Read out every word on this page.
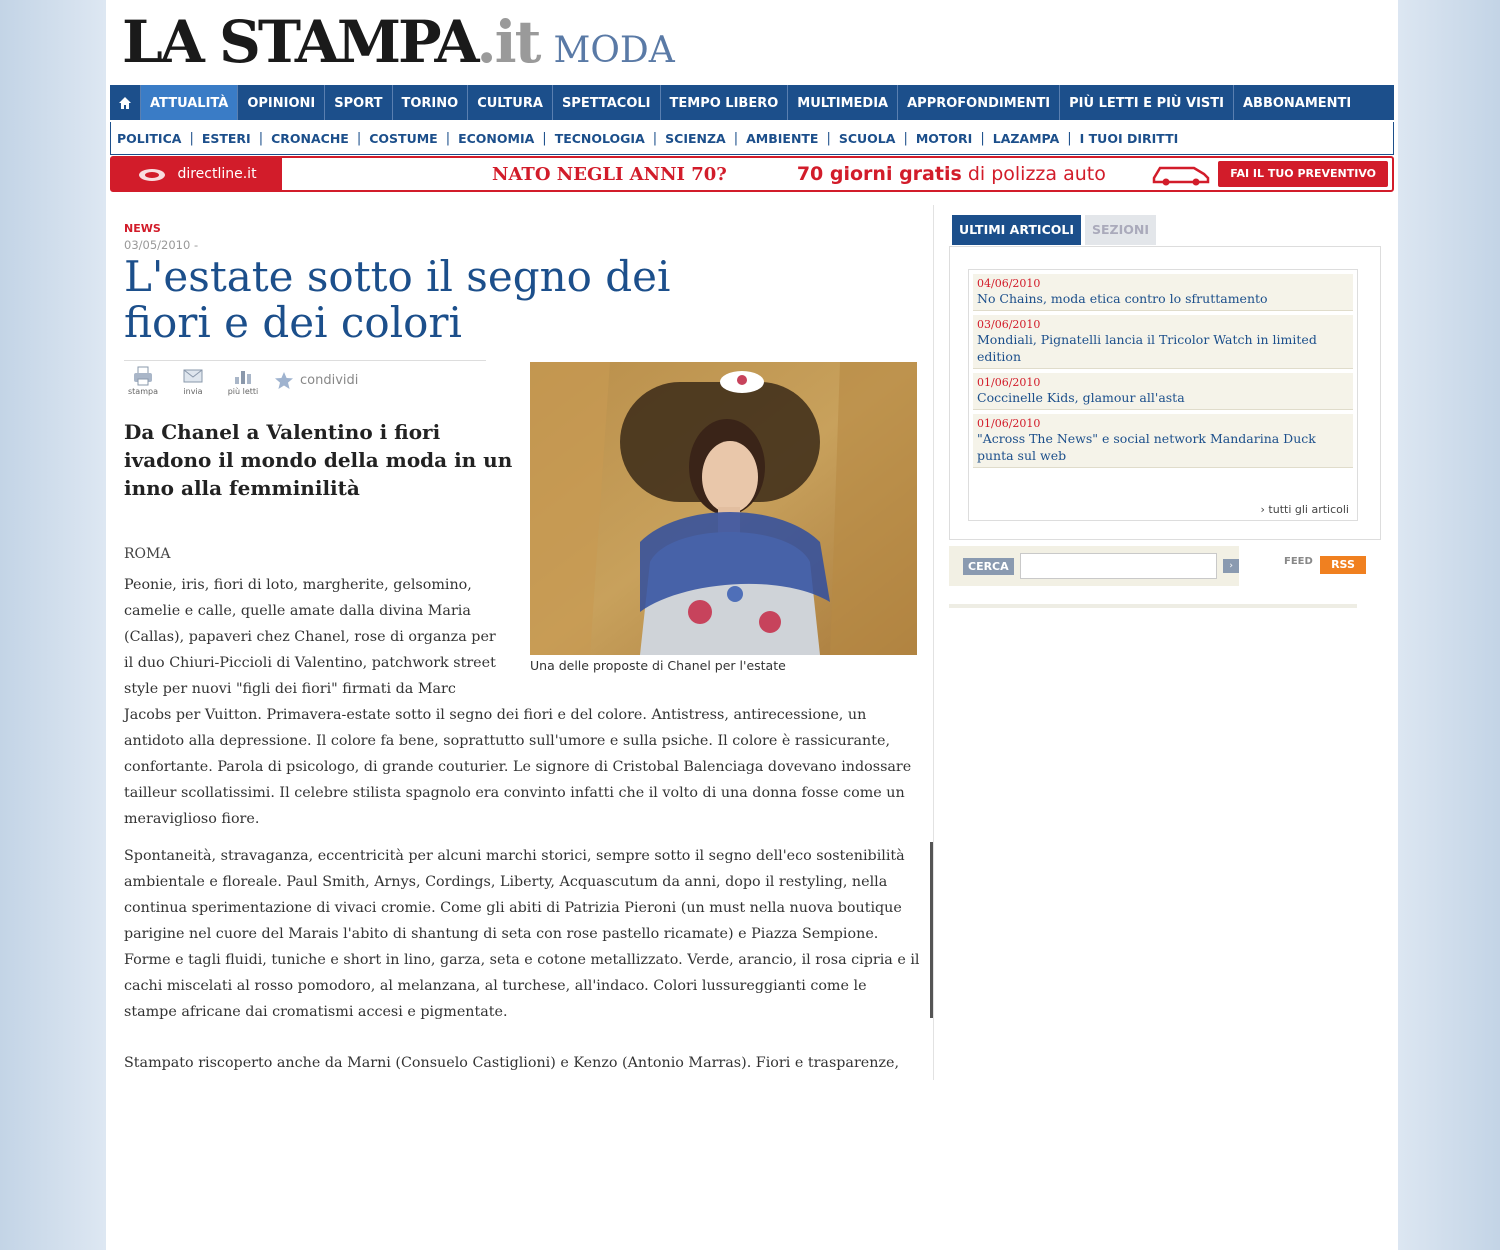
LA STAMPA.it MODA
ATTUALITÀ	OPINIONI	SPORT	TORINO	CULTURA	SPETTACOLI	TEMPO LIBERO	MULTIMEDIA	APPROFONDIMENTI	PIÙ LETTI E PIÙ VISTI	ABBONAMENTI
POLITICA | ESTERI | CRONACHE | COSTUME | ECONOMIA | TECNOLOGIA | SCIENZA | AMBIENTE | SCUOLA | MOTORI | LAZAMPA | I TUOI DIRITTI
directline.it	NATO NEGLI ANNI 70?	70 giorni gratis di polizza auto	FAI IL TUO PREVENTIVO
NEWS
03/05/2010 -
L'estate sotto il segno dei fiori e dei colori
stampa	invia	più letti
condividi
Da Chanel a Valentino i fiori ivadono il mondo della moda in un inno alla femminilità
Una delle proposte di Chanel per l'estate
ROMA
Peonie, iris, fiori di loto, margherite, gelsomino, camelie e calle, quelle amate dalla divina Maria (Callas), papaveri chez Chanel, rose di organza per il duo Chiuri-Piccioli di Valentino, patchwork street style per nuovi "figli dei fiori" firmati da Marc
Jacobs per Vuitton. Primavera-estate sotto il segno dei fiori e del colore. Antistress, antirecessione, un antidoto alla depressione. Il colore fa bene, soprattutto sull'umore e sulla psiche. Il colore è rassicurante, confortante. Parola di psicologo, di grande couturier. Le signore di Cristobal Balenciaga dovevano indossare tailleur scollatissimi. Il celebre stilista spagnolo era convinto infatti che il volto di una donna fosse come un meraviglioso fiore.
Spontaneità, stravaganza, eccentricità per alcuni marchi storici, sempre sotto il segno dell'eco sostenibilità ambientale e floreale. Paul Smith, Arnys, Cordings, Liberty, Acquascutum da anni, dopo il restyling, nella continua sperimentazione di vivaci cromie. Come gli abiti di Patrizia Pieroni (un must nella nuova boutique parigine nel cuore del Marais l'abito di shantung di seta con rose pastello ricamate) e Piazza Sempione. Forme e tagli fluidi, tuniche e short in lino, garza, seta e cotone metallizzato. Verde, arancio, il rosa cipria e il cachi miscelati al rosso pomodoro, al melanzana, al turchese, all'indaco. Colori lussureggianti come le stampe africane dai cromatismi accesi e pigmentate.
Stampato riscoperto anche da Marni (Consuelo Castiglioni) e Kenzo (Antonio Marras). Fiori e trasparenze,
ULTIMI ARTICOLI	SEZIONI
04/06/2010
No Chains, moda etica contro lo sfruttamento
03/06/2010
Mondiali, Pignatelli lancia il Tricolor Watch in limited edition
01/06/2010
Coccinelle Kids, glamour all'asta
01/06/2010
"Across The News" e social network Mandarina Duck punta sul web
› tutti gli articoli
CERCA	›	FEED	RSS
